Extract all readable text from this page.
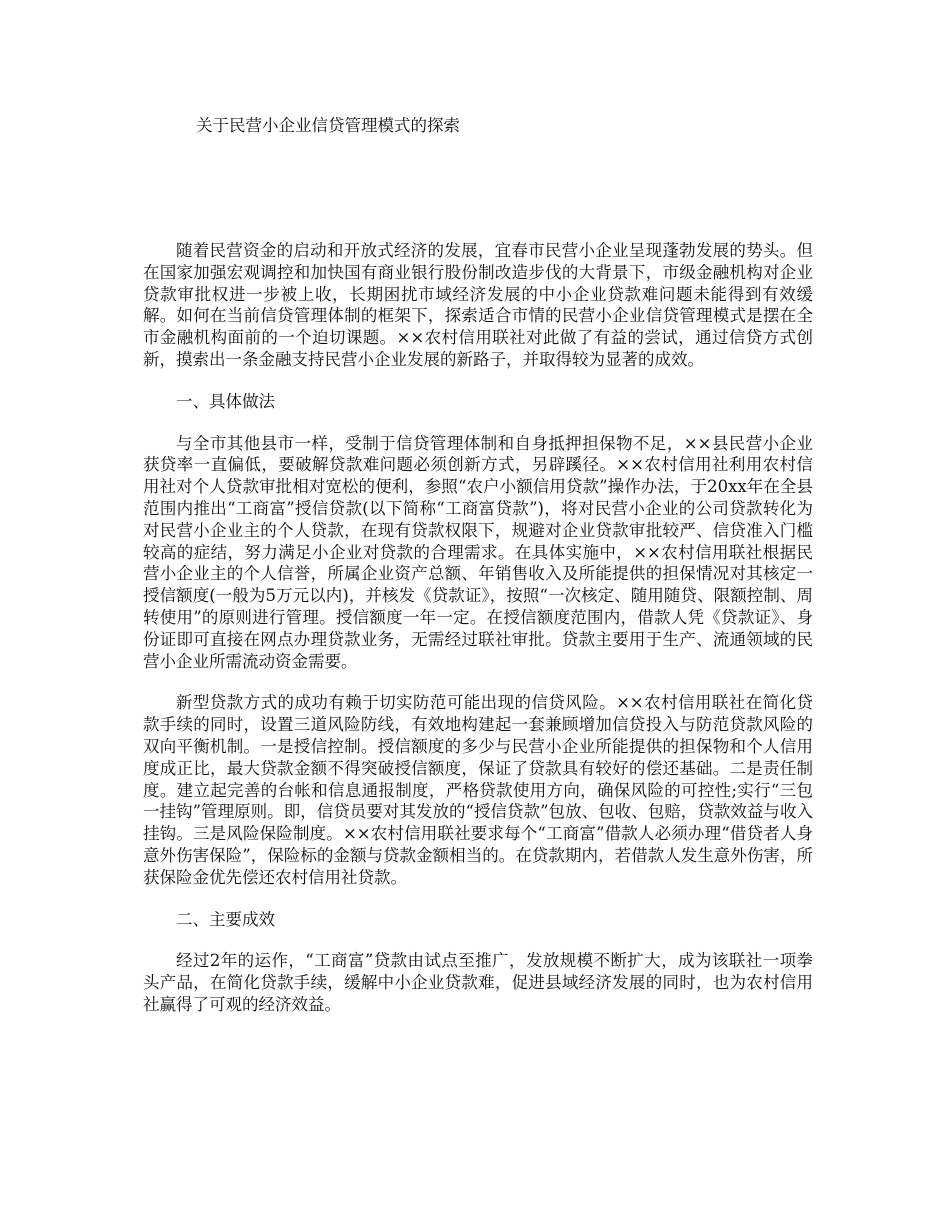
关于民营小企业信贷管理模式的探索

随着民营资金的启动和开放式经济的发展，宜春市民营小企业呈现蓬勃发展的势头。但在国家加强宏观调控和加快国有商业银行股份制改造步伐的大背景下，市级金融机构对企业贷款审批权进一步被上收，长期困扰市域经济发展的中小企业贷款难问题未能得到有效缓解。如何在当前信贷管理体制的框架下，探索适合市情的民营小企业信贷管理模式是摆在全市金融机构面前的一个迫切课题。××农村信用联社对此做了有益的尝试，通过信贷方式创新，摸索出一条金融支持民营小企业发展的新路子，并取得较为显著的成效。

一、具体做法

与全市其他县市一样，受制于信贷管理体制和自身抵押担保物不足，××县民营小企业获贷率一直偏低，要破解贷款难问题必须创新方式，另辟蹊径。××农村信用社利用农村信用社对个人贷款审批相对宽松的便利，参照“农户小额信用贷款”操作办法，于20xx年在全县范围内推出“工商富”授信贷款(以下简称“工商富贷款”)，将对民营小企业的公司贷款转化为对民营小企业主的个人贷款，在现有贷款权限下，规避对企业贷款审批较严、信贷准入门槛较高的症结，努力满足小企业对贷款的合理需求。在具体实施中，××农村信用联社根据民营小企业主的个人信誉，所属企业资产总额、年销售收入及所能提供的担保情况对其核定一授信额度(一般为5万元以内)，并核发《贷款证》，按照“一次核定、随用随贷、限额控制、周转使用”的原则进行管理。授信额度一年一定。在授信额度范围内，借款人凭《贷款证》、身份证即可直接在网点办理贷款业务，无需经过联社审批。贷款主要用于生产、流通领域的民营小企业所需流动资金需要。

新型贷款方式的成功有赖于切实防范可能出现的信贷风险。××农村信用联社在简化贷款手续的同时，设置三道风险防线，有效地构建起一套兼顾增加信贷投入与防范贷款风险的双向平衡机制。一是授信控制。授信额度的多少与民营小企业所能提供的担保物和个人信用度成正比，最大贷款金额不得突破授信额度，保证了贷款具有较好的偿还基础。二是责任制度。建立起完善的台帐和信息通报制度，严格贷款使用方向，确保风险的可控性;实行“三包一挂钩”管理原则。即，信贷员要对其发放的“授信贷款”包放、包收、包赔，贷款效益与收入挂钩。三是风险保险制度。××农村信用联社要求每个“工商富”借款人必须办理“借贷者人身意外伤害保险”，保险标的金额与贷款金额相当的。在贷款期内，若借款人发生意外伤害，所获保险金优先偿还农村信用社贷款。

二、主要成效

经过2年的运作，“工商富”贷款由试点至推广，发放规模不断扩大，成为该联社一项拳头产品，在简化贷款手续，缓解中小企业贷款难，促进县域经济发展的同时，也为农村信用社赢得了可观的经济效益。
